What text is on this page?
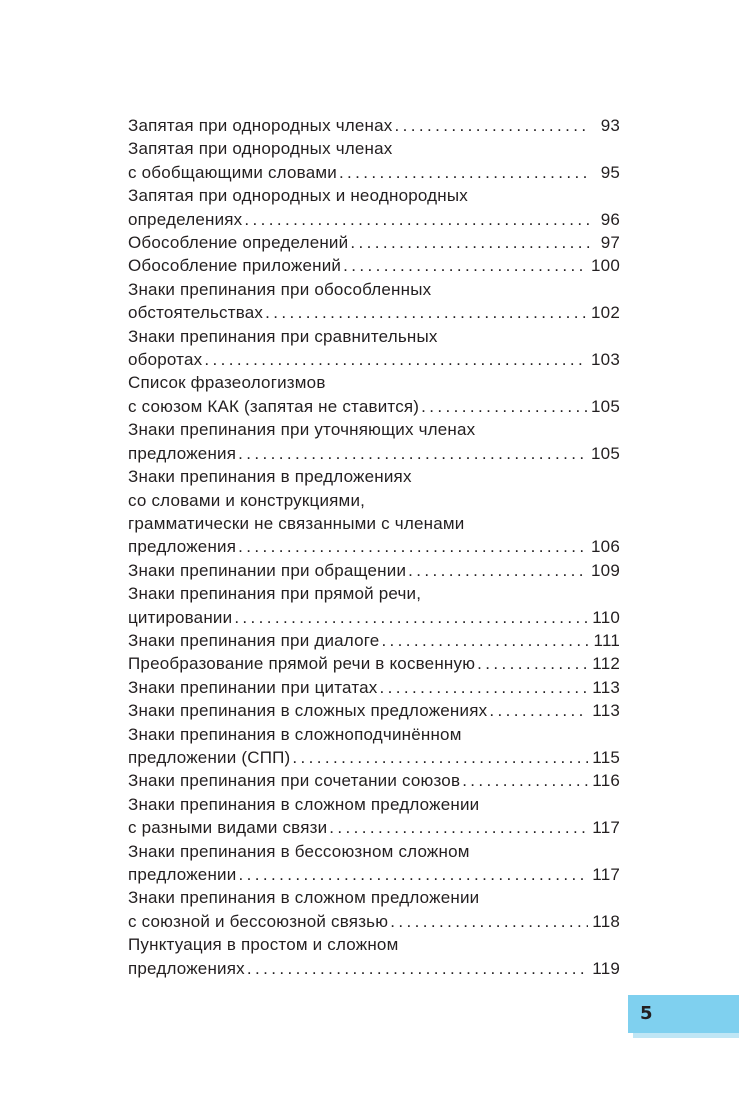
Запятая при однородных членах .....	93
Запятая при однородных членах
с обобщающими словами .....	95
Запятая при однородных и неоднородных
определениях .....	96
Обособление определений .....	97
Обособление приложений .....	100
Знаки препинания при обособленных
обстоятельствах .....	102
Знаки препинания при сравнительных
оборотах .....	103
Список фразеологизмов
с союзом КАК (запятая не ставится) .....	105
Знаки препинания при уточняющих членах
предложения .....	105
Знаки препинания в предложениях
со словами и конструкциями,
грамматически не связанными с членами
предложения .....	106
Знаки препинании при обращении .....	109
Знаки препинания при прямой речи,
цитировании .....	110
Знаки препинания при диалоге .....	111
Преобразование прямой речи в косвенную .....	112
Знаки препинании при цитатах .....	113
Знаки препинания в сложных предложениях .....	113
Знаки препинания в сложноподчинённом
предложении (СПП) .....	115
Знаки препинания при сочетании союзов .....	116
Знаки препинания в сложном предложении
с разными видами связи .....	117
Знаки препинания в бессоюзном сложном
предложении .....	117
Знаки препинания в сложном предложении
с союзной и бессоюзной связью .....	118
Пунктуация в простом и сложном
предложениях .....	119
5
